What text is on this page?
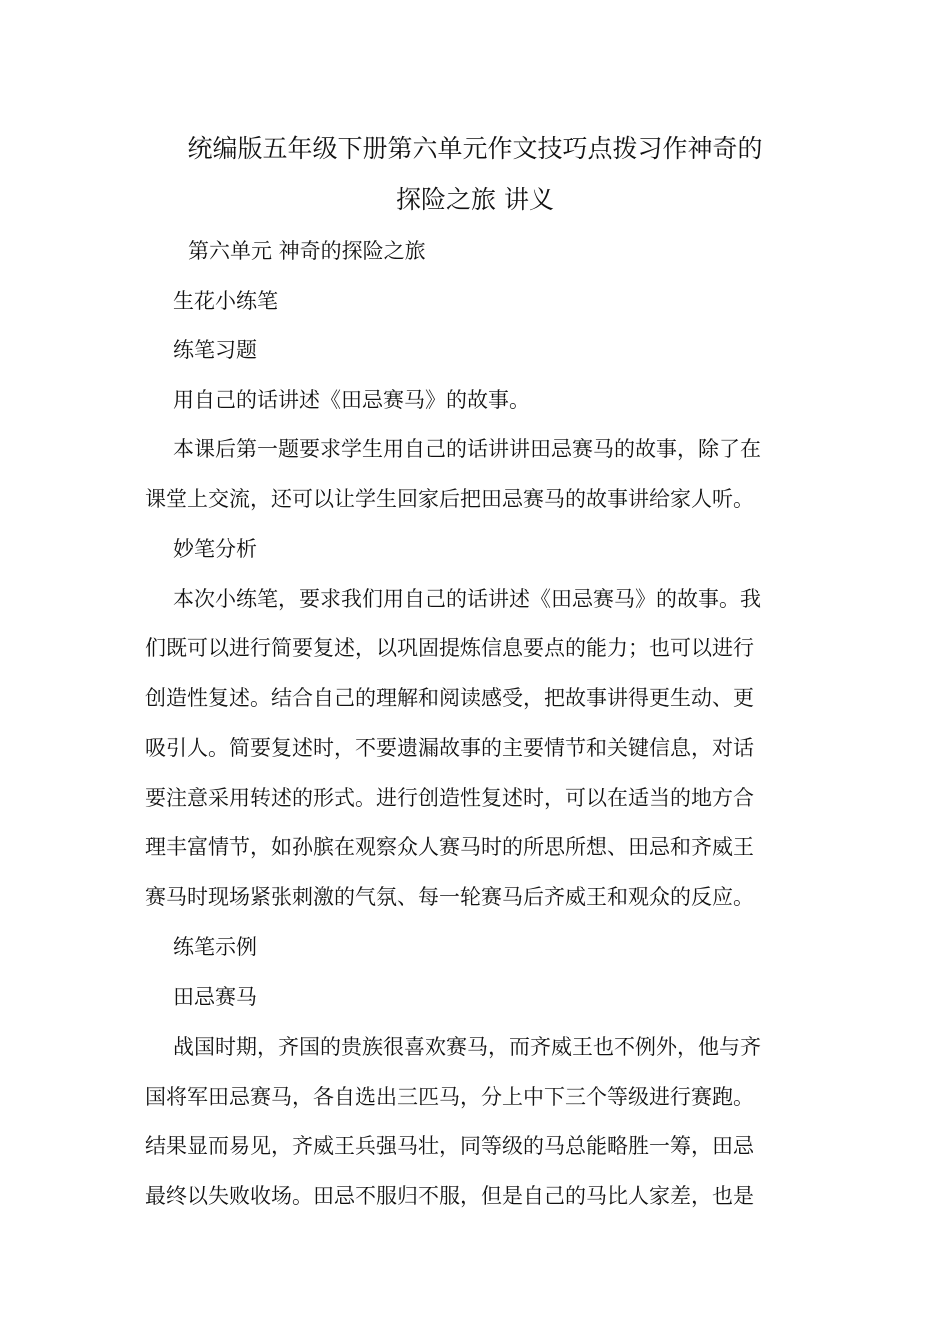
统编版五年级下册第六单元作文技巧点拨习作神奇的
探险之旅 讲义
第六单元 神奇的探险之旅
生花小练笔
练笔习题
用自己的话讲述《田忌赛马》的故事。
本课后第一题要求学生用自己的话讲讲田忌赛马的故事，除了在
课堂上交流，还可以让学生回家后把田忌赛马的故事讲给家人听。
妙笔分析
本次小练笔，要求我们用自己的话讲述《田忌赛马》的故事。我
们既可以进行简要复述，以巩固提炼信息要点的能力；也可以进行
创造性复述。结合自己的理解和阅读感受，把故事讲得更生动、更
吸引人。简要复述时，不要遗漏故事的主要情节和关键信息，对话
要注意采用转述的形式。进行创造性复述时，可以在适当的地方合
理丰富情节，如孙膑在观察众人赛马时的所思所想、田忌和齐威王
赛马时现场紧张刺激的气氛、每一轮赛马后齐威王和观众的反应。
练笔示例
田忌赛马
战国时期，齐国的贵族很喜欢赛马，而齐威王也不例外，他与齐
国将军田忌赛马，各自选出三匹马，分上中下三个等级进行赛跑。
结果显而易见，齐威王兵强马壮，同等级的马总能略胜一筹，田忌
最终以失败收场。田忌不服归不服，但是自己的马比人家差，也是
